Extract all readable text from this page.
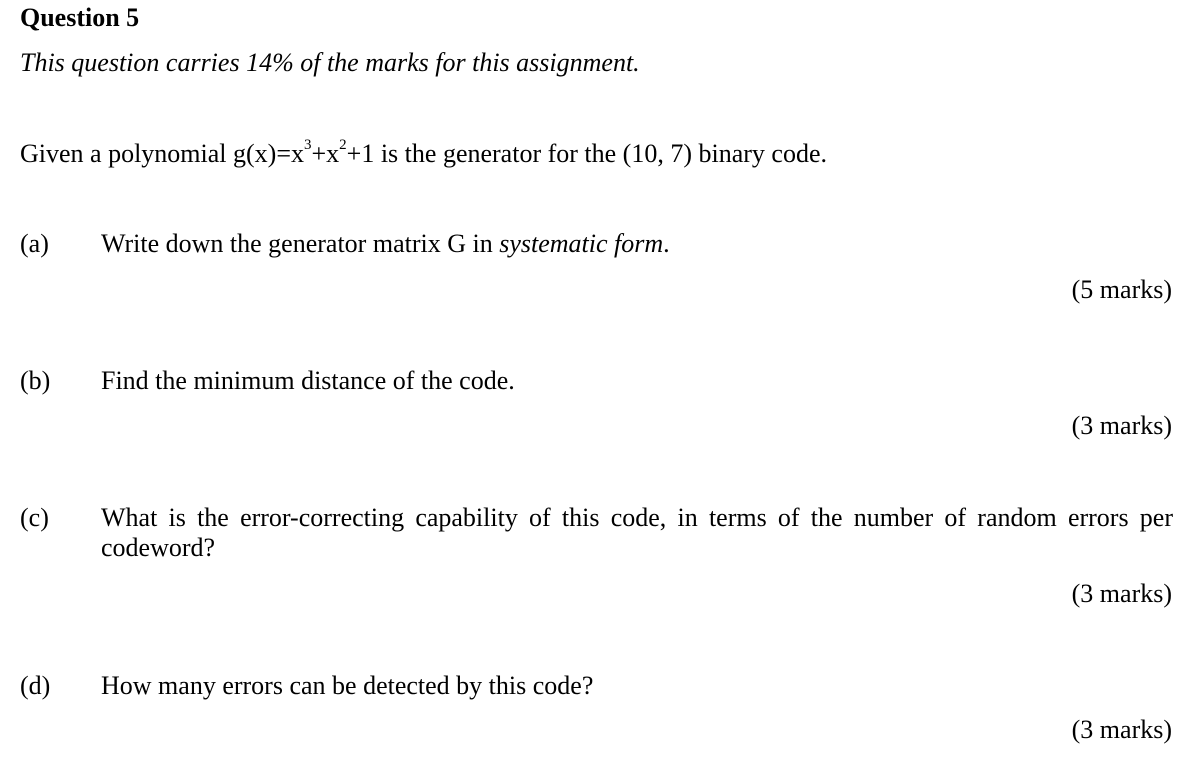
Question 5
This question carries 14% of the marks for this assignment.
Given a polynomial $g(x)=x^3+x^2+1$ is the generator for the (10, 7) binary code.
(a) Write down the generator matrix G in systematic form.
(5 marks)
(b) Find the minimum distance of the code.
(3 marks)
(c) What is the error-correcting capability of this code, in terms of the number of random errors per codeword?
(3 marks)
(d) How many errors can be detected by this code?
(3 marks)
